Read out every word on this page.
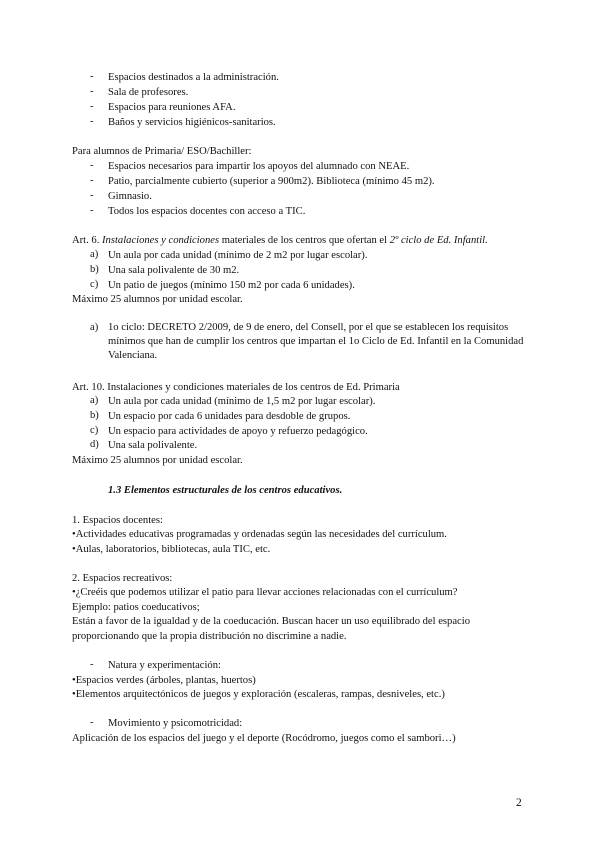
- Espacios destinados a la administración.
- Sala de profesores.
- Espacios para reuniones AFA.
- Baños y servicios higiénicos-sanitarios.
Para alumnos de Primaria/ ESO/Bachiller:
- Espacios necesarios para impartir los apoyos del alumnado con NEAE.
- Patio, parcialmente cubierto (superior a 900m2). Biblioteca (mínimo 45 m2).
- Gimnasio.
- Todos los espacios docentes con acceso a TIC.
Art. 6. Instalaciones y condiciones materiales de los centros que ofertan el 2º ciclo de Ed. Infantil.
a) Un aula por cada unidad (mínimo de 2 m2 por lugar escolar).
b) Una sala polivalente de 30 m2.
c) Un patio de juegos (mínimo 150 m2 por cada 6 unidades).
Máximo 25 alumnos por unidad escolar.
a) 1o ciclo: DECRETO 2/2009, de 9 de enero, del Consell, por el que se establecen los requisitos mínimos que han de cumplir los centros que impartan el 1o Ciclo de Ed. Infantil en la Comunidad Valenciana.
Art. 10. Instalaciones y condiciones materiales de los centros de Ed. Primaria
a) Un aula por cada unidad (mínimo de 1,5 m2 por lugar escolar).
b) Un espacio por cada 6 unidades para desdoble de grupos.
c) Un espacio para actividades de apoyo y refuerzo pedagógico.
d) Una sala polivalente.
Máximo 25 alumnos por unidad escolar.
1.3 Elementos estructurales de los centros educativos.
1. Espacios docentes:
•Actividades educativas programadas y ordenadas según las necesidades del currículum.
•Aulas, laboratorios, bibliotecas, aula TIC, etc.
2. Espacios recreativos:
•¿Creéis que podemos utilizar el patio para llevar acciones relacionadas con el currículum?
Ejemplo: patios coeducativos;
Están a favor de la igualdad y de la coeducación. Buscan hacer un uso equilibrado del espacio
proporcionando que la propia distribución no discrimine a nadie.
- Natura y experimentación:
•Espacios verdes (árboles, plantas, huertos)
•Elementos arquitectónicos de juegos y exploración (escaleras, rampas, desniveles, etc.)
- Movimiento y psicomotricidad:
Aplicación de los espacios del juego y el deporte (Rocódromo, juegos como el sambori…)
2
